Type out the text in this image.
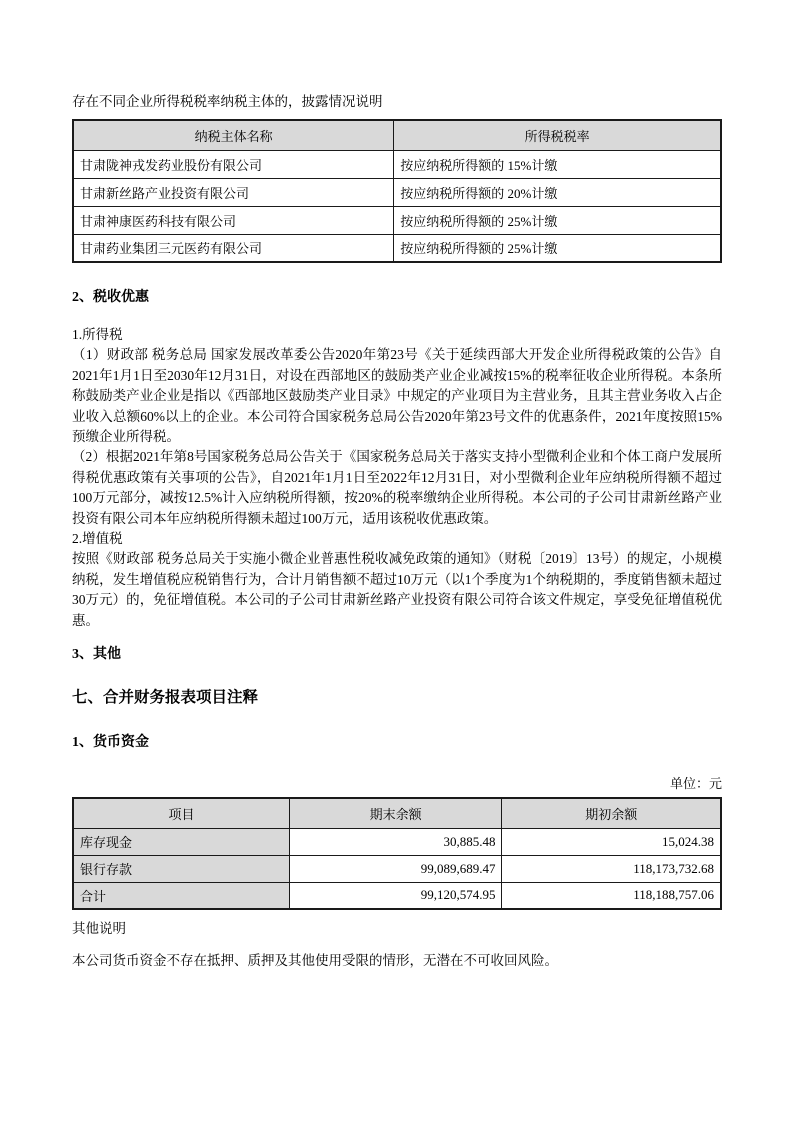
存在不同企业所得税税率纳税主体的，披露情况说明

纳税主体名称	所得税税率
甘肃陇神戎发药业股份有限公司	按应纳税所得额的 15%计缴
甘肃新丝路产业投资有限公司	按应纳税所得额的 20%计缴
甘肃神康医药科技有限公司	按应纳税所得额的 25%计缴
甘肃药业集团三元医药有限公司	按应纳税所得额的 25%计缴
2、税收优惠

1.所得税

（1）财政部 税务总局 国家发展改革委公告2020年第23号《关于延续西部大开发企业所得税政策的公告》自2021年1月1日至2030年12月31日，对设在西部地区的鼓励类产业企业减按15%的税率征收企业所得税。本条所称鼓励类产业企业是指以《西部地区鼓励类产业目录》中规定的产业项目为主营业务，且其主营业务收入占企业收入总额60%以上的企业。本公司符合国家税务总局公告2020年第23号文件的优惠条件，2021年度按照15%预缴企业所得税。

（2）根据2021年第8号国家税务总局公告关于《国家税务总局关于落实支持小型微利企业和个体工商户发展所得税优惠政策有关事项的公告》，自2021年1月1日至2022年12月31日，对小型微利企业年应纳税所得额不超过100万元部分，减按12.5%计入应纳税所得额，按20%的税率缴纳企业所得税。本公司的子公司甘肃新丝路产业投资有限公司本年应纳税所得额未超过100万元，适用该税收优惠政策。

2.增值税

按照《财政部 税务总局关于实施小微企业普惠性税收减免政策的通知》（财税〔2019〕13号）的规定，小规模纳税，发生增值税应税销售行为，合计月销售额不超过10万元（以1个季度为1个纳税期的，季度销售额未超过30万元）的，免征增值税。本公司的子公司甘肃新丝路产业投资有限公司符合该文件规定，享受免征增值税优惠。

3、其他
七、合并财务报表项目注释
1、货币资金
单位：元
项目	期末余额	期初余额
库存现金	30,885.48	15,024.38
银行存款	99,089,689.47	118,173,732.68
合计	99,120,574.95	118,188,757.06

其他说明

本公司货币资金不存在抵押、质押及其他使用受限的情形，无潜在不可收回风险。
